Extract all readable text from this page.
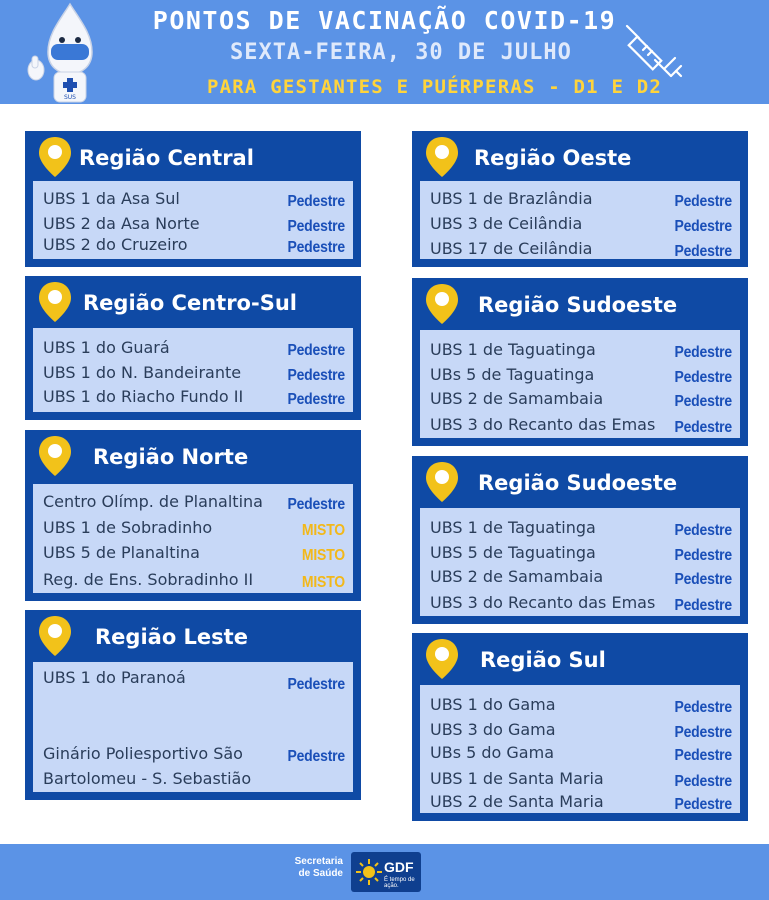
SUS
PONTOS DE VACINAÇÃO COVID-19
SEXTA-FEIRA, 30 DE JULHO
PARA GESTANTES E PUÉRPERAS - D1 E D2
Região Central
UBS 1 da Asa Sul	Pedestre
UBS 2 da Asa Norte	Pedestre
UBS 2 do Cruzeiro	Pedestre
Região Centro-Sul
UBS 1 do Guará	Pedestre
UBS 1 do N. Bandeirante	Pedestre
UBS 1 do Riacho Fundo II	Pedestre
Região Norte
Centro Olímp. de Planaltina Pedestre
UBS 1 de Sobradinho	MISTO
UBS 5 de Planaltina	MISTO
Reg. de Ens. Sobradinho II	MISTO
Região Leste
UBS 1 do Paranoá	Pedestre
Ginário Poliesportivo São	Pedestre
Bartolomeu - S. Sebastião
Região Oeste
UBS 1 de Brazlândia	Pedestre
UBS 3 de Ceilândia	Pedestre
UBS 17 de Ceilândia	Pedestre
Região Sudoeste
UBS 1 de Taguatinga	Pedestre
UBs 5 de Taguatinga	Pedestre
UBS 2 de Samambaia	Pedestre
UBS 3 do Recanto das Emas Pedestre
Região Sudoeste
UBS 1 de Taguatinga	Pedestre
UBS 5 de Taguatinga	Pedestre
UBS 2 de Samambaia	Pedestre
UBS 3 do Recanto das Emas Pedestre
Região Sul
UBS 1 do Gama	Pedestre
UBS 3 do Gama	Pedestre
UBs 5 do Gama	Pedestre
UBS 1 de Santa Maria	Pedestre
UBS 2 de Santa Maria	Pedestre
Secretaria
de Saúde	GDF
É tempo de ação.
